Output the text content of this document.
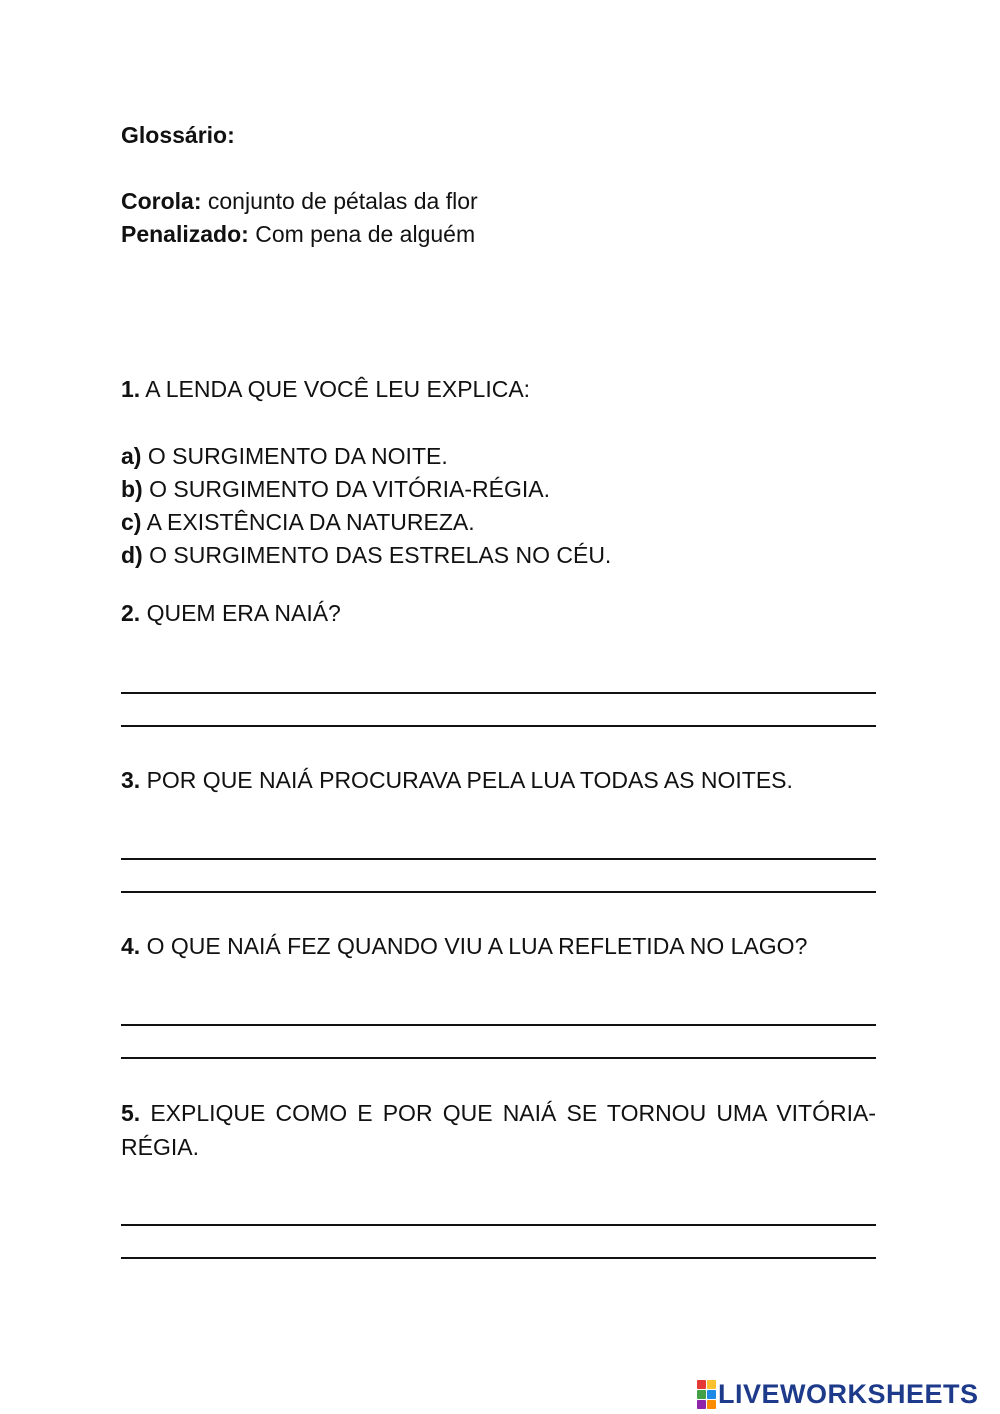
Glossário:
Corola: conjunto de pétalas da flor
Penalizado: Com pena de alguém
1. A LENDA QUE VOCÊ LEU EXPLICA:
a) O SURGIMENTO DA NOITE.
b) O SURGIMENTO DA VITÓRIA-RÉGIA.
c) A EXISTÊNCIA DA NATUREZA.
d) O SURGIMENTO DAS ESTRELAS NO CÉU.
2. QUEM ERA NAIÁ?
3. POR QUE NAIÁ PROCURAVA PELA LUA TODAS AS NOITES.
4. O QUE NAIÁ FEZ QUANDO VIU A LUA REFLETIDA NO LAGO?
5. EXPLIQUE COMO E POR QUE NAIÁ SE TORNOU UMA VITÓRIA-RÉGIA.
LIVEWORKSHEETS
